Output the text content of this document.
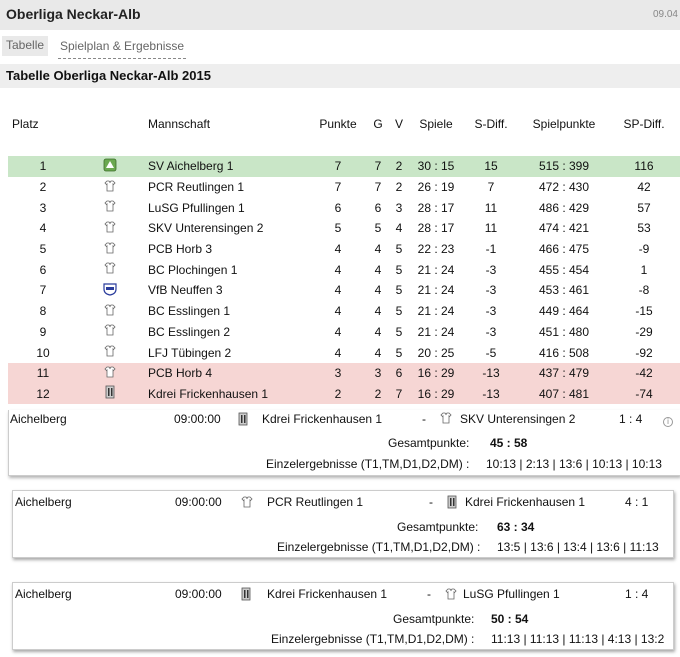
Oberliga Neckar-Alb	09.04
Tabelle	Spielplan & Ergebnisse
Tabelle Oberliga Neckar-Alb 2015
Platz		Mannschaft	Punkte	G	V	Spiele	S-Diff.	Spielpunkte	SP-Diff.

1		SV Aichelberg 1	7	7	2	30 : 15	15	515 : 399	116
2		PCR Reutlingen 1	7	7	2	26 : 19	7	472 : 430	42
3		LuSG Pfullingen 1	6	6	3	28 : 17	11	486 : 429	57
4		SKV Unterensingen 2	5	5	4	28 : 17	11	474 : 421	53
5		PCB Horb 3	4	4	5	22 : 23	-1	466 : 475	-9
6		BC Plochingen 1	4	4	5	21 : 24	-3	455 : 454	1
7		VfB Neuffen 3	4	4	5	21 : 24	-3	453 : 461	-8
8		BC Esslingen 1	4	4	5	21 : 24	-3	449 : 464	-15
9		BC Esslingen 2	4	4	5	21 : 24	-3	451 : 480	-29
10		LFJ Tübingen 2	4	4	5	20 : 25	-5	416 : 508	-92
11		PCB Horb 4	3	3	6	16 : 29	-13	437 : 479	-42
12		Kdrei Frickenhausen 1	2	2	7	16 : 29	-13	407 : 481	-74
Aichelberg	09:00:00	Kdrei Frickenhausen 1	-	SKV Unterensingen 2	1 : 4	i
Gesamtpunkte: 45 : 58
Einzelergebnisse (T1,TM,D1,D2,DM) : 10:13 | 2:13 | 13:6 | 10:13 | 10:13
Aichelberg	09:00:00	PCR Reutlingen 1	-	Kdrei Frickenhausen 1	4 : 1
Gesamtpunkte: 63 : 34
Einzelergebnisse (T1,TM,D1,D2,DM) : 13:5 | 13:6 | 13:4 | 13:6 | 11:13
Aichelberg	09:00:00	Kdrei Frickenhausen 1	-	LuSG Pfullingen 1	1 : 4
Gesamtpunkte: 50 : 54
Einzelergebnisse (T1,TM,D1,D2,DM) : 11:13 | 11:13 | 11:13 | 4:13 | 13:2
